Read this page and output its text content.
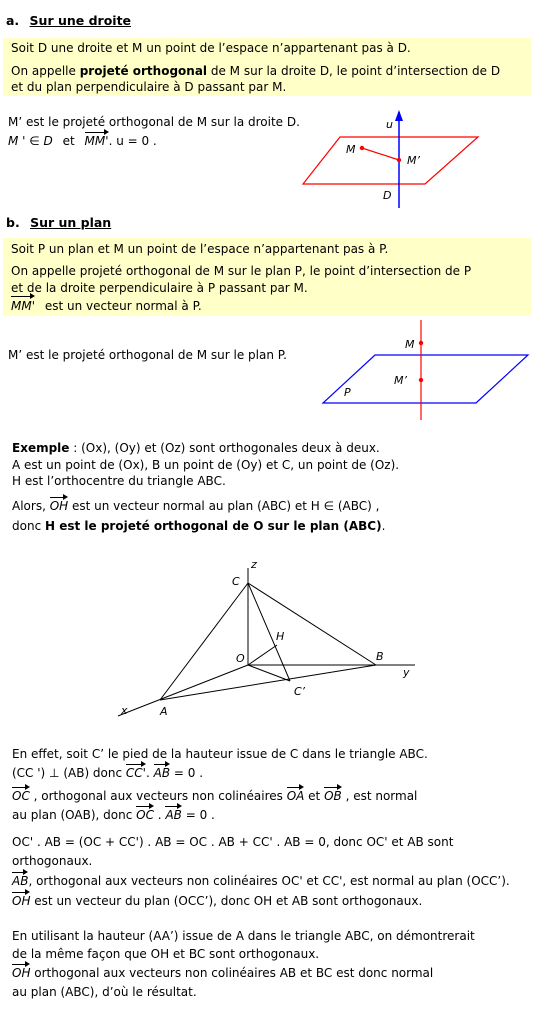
a. Sur une droite
Soit D une droite et M un point de l’espace n’appartenant pas à D.
On appelle projeté orthogonal de M sur la droite D, le point d’intersection de D
et du plan perpendiculaire à D passant par M.
M’ est le projeté orthogonal de M sur la droite D.
M ' ∈ D et MM'. u = 0 .
u
M
M’
D
b. Sur un plan
Soit P un plan et M un point de l’espace n’appartenant pas à P.
On appelle projeté orthogonal de M sur le plan P, le point d’intersection de P
et de la droite perpendiculaire à P passant par M.
MM' est un vecteur normal à P.
M’ est le projeté orthogonal de M sur le plan P.
M
M’
P
Exemple : (Ox), (Oy) et (Oz) sont orthogonales deux à deux.
A est un point de (Ox), B un point de (Oy) et C, un point de (Oz).
H est l’orthocentre du triangle ABC.
Alors, OH est un vecteur normal au plan (ABC) et H ∈ (ABC) ,
donc H est le projeté orthogonal de O sur le plan (ABC).
z
C
H
O	B
y
C’
x	A
En effet, soit C’ le pied de la hauteur issue de C dans le triangle ABC.
(CC ') ⊥ (AB) donc CC'. AB = 0 .
OC , orthogonal aux vecteurs non colinéaires OA et OB , est normal
au plan (OAB), donc OC . AB = 0 .
OC' . AB = (OC + CC') . AB = OC . AB + CC' . AB = 0, donc OC' et AB sont
orthogonaux.
AB, orthogonal aux vecteurs non colinéaires OC' et CC', est normal au plan (OCC’).
OH est un vecteur du plan (OCC’), donc OH et AB sont orthogonaux.
En utilisant la hauteur (AA’) issue de A dans le triangle ABC, on démontrerait
de la même façon que OH et BC sont orthogonaux.
OH orthogonal aux vecteurs non colinéaires AB et BC est donc normal
au plan (ABC), d’où le résultat.
